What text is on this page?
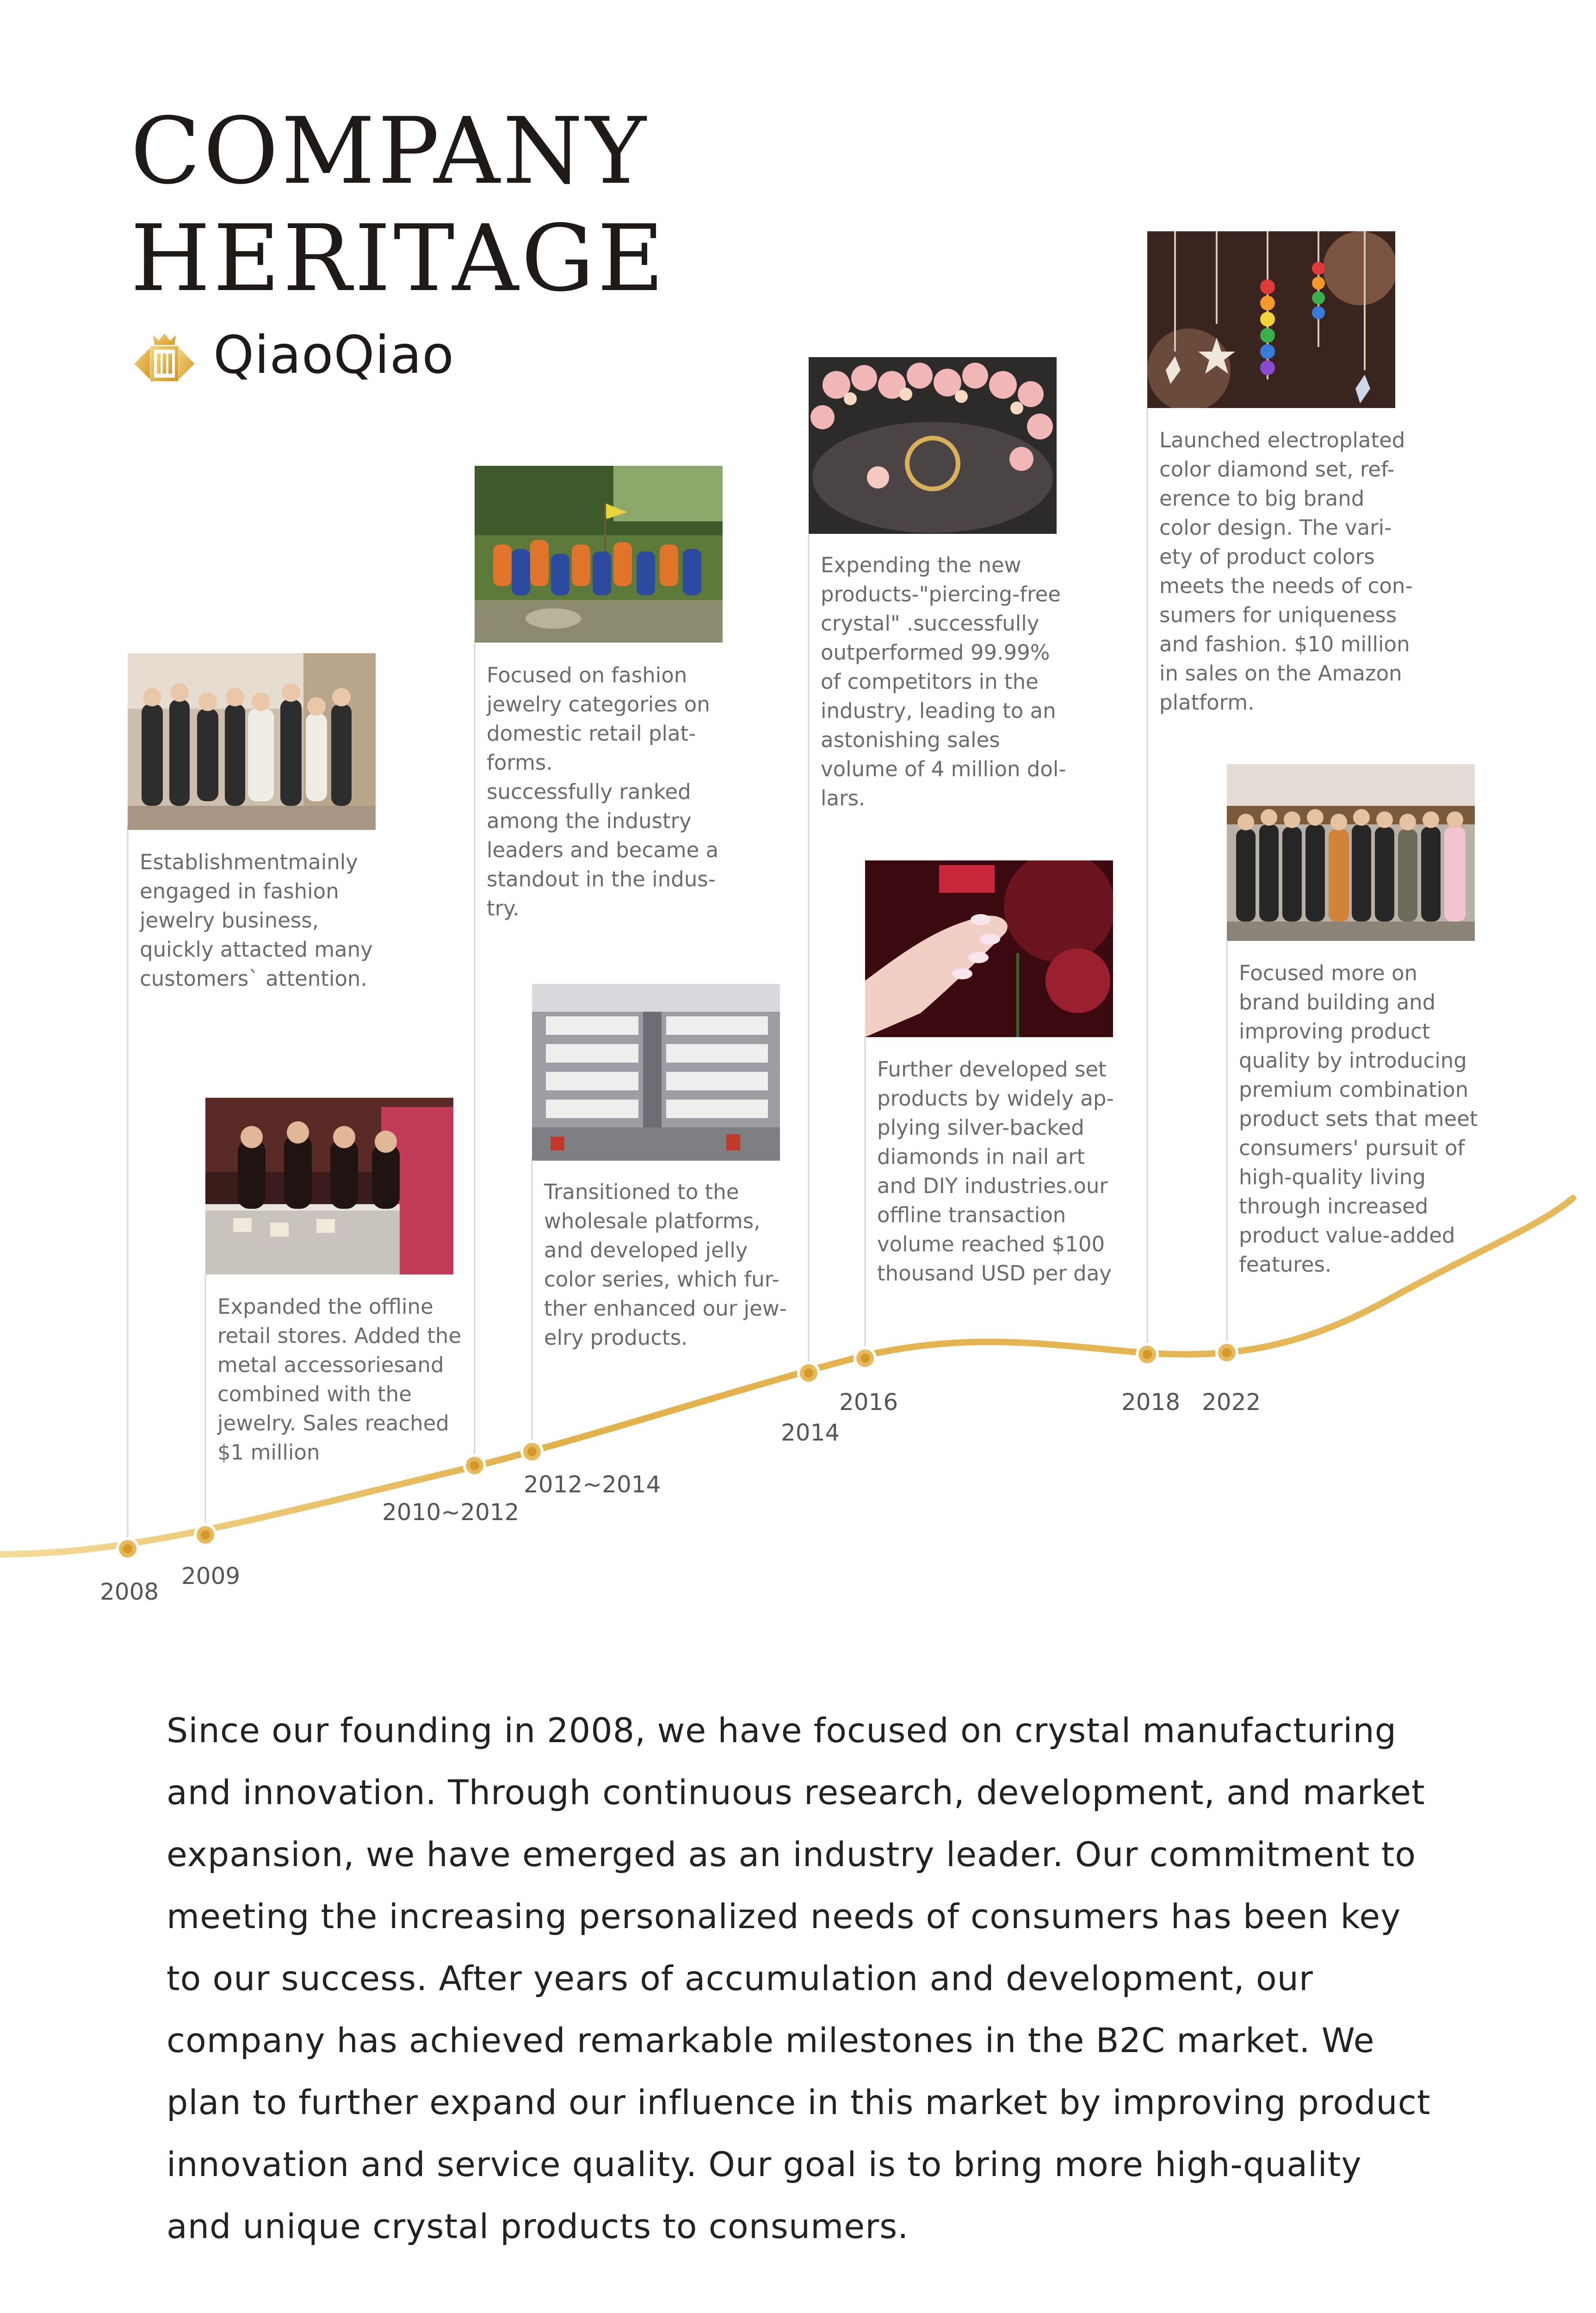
COMPANY
HERITAGE
QiaoQiao

Establishmentmainly
engaged in fashion
jewelry business,
quickly attacted many
customers` attention.

2008

Expanded the offline
retail stores. Added the
metal accessoriesand
combined with the
jewelry. Sales reached
$1 million

2009

Focused on fashion
jewelry categories on
domestic retail plat-
forms.
successfully ranked
among the industry
leaders and became a
standout in the indus-
try.

2010~2012

Transitioned to the
wholesale platforms,
and developed jelly
color series, which fur-
ther enhanced our jew-
elry products.

2012~2014

Expending the new
products-"piercing-free
crystal" .successfully
outperformed 99.99%
of competitors in the
industry, leading to an
astonishing sales
volume of 4 million dol-
lars.

2014

Further developed set
products by widely ap-
plying silver-backed
diamonds in nail art
and DIY industries.our
offline transaction
volume reached $100
thousand USD per day

2016

Launched electroplated
color diamond set, ref-
erence to big brand
color design. The vari-
ety of product colors
meets the needs of con-
sumers for uniqueness
and fashion. $10 million
in sales on the Amazon
platform.

2018

Focused more on
brand building and
improving product
quality by introducing
premium combination
product sets that meet
consumers' pursuit of
high-quality living
through increased
product value-added
features.

2022

Since our founding in 2008, we have focused on crystal manufacturing
and innovation. Through continuous research, development, and market
expansion, we have emerged as an industry leader. Our commitment to
meeting the increasing personalized needs of consumers has been key
to our success. After years of accumulation and development, our
company has achieved remarkable milestones in the B2C market. We
plan to further expand our influence in this market by improving product
innovation and service quality. Our goal is to bring more high-quality
and unique crystal products to consumers.
